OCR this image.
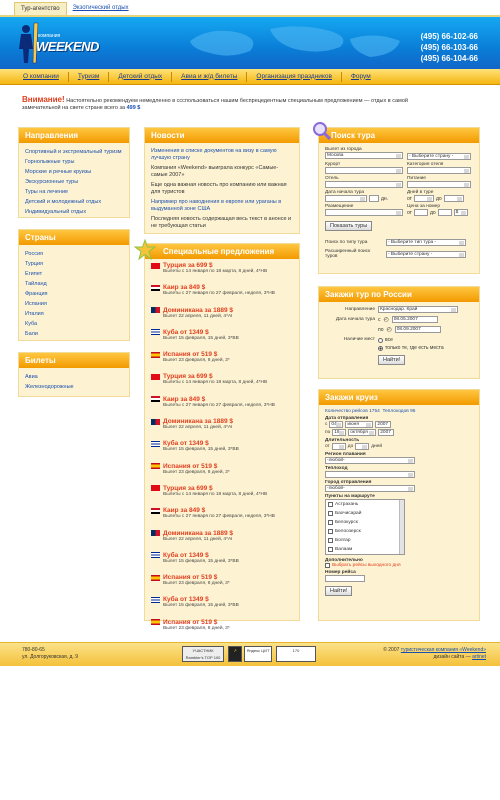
Тур-агентство	Экзотический отдых
компания
WEEKEND
(495) 66-102-66
(495) 66-103-66
(495) 66-104-66
О компании	Туризм	Детский отдых	Авиа и ж/д билеты	Организация праздников	Форум
Внимание! Настоятельно рекомендуем немедленно в ссспользоваться нашим беспрецедентным специальным предложением — отдых в самой замечательной на свете стране всего за 499 $
Направления
Спортивный и экстремальный туризм
Горнолыжные туры
Морские и речные круизы
Экскурсионные туры
Туры на лечение
Детский и молодежный отдых
Индивидуальный отдых
Страны
Россия
Турция
Египет
Тайланд
Франция
Испания
Италия
Куба
Бали
Билеты
Авиа
Железнодорожные
Новости
Изменения в списке документов на визу в самую лучшую страну
Компания «Weekend» выиграла конкурс «Самые-самые 2007»
Еще одна важная новость про компанию или важная для туристов
Например про наводнения в европе или ураганы в выдуманной зоне США
Последняя новость содержащая весь текст в анонсе и не требующая статьи
Специальные предложения
Турция за 699 $
Вылеты с 14 января по 18 марта, 8 дней, 4*HB
Каир за 849 $
Вылеты с 27 января по 27 февраля, неделя, 3*HB
Доминикана за 1889 $
Вылет 22 апреля, 11 дней, 4*AI
Куба от 1349 $
Вылет 15 февраля, 15 дней, 3*BB
Испания от 519 $
Вылет 23 февраля, 8 дней, 3*
Турция за 699 $
Вылеты с 14 января по 18 марта, 8 дней, 4*HB
Каир за 849 $
Вылеты с 27 января по 27 февраля, неделя, 3*HB
Доминикана за 1889 $
Вылет 22 апреля, 11 дней, 4*AI
Куба от 1349 $
Вылет 15 февраля, 15 дней, 3*BB
Испания от 519 $
Вылет 23 февраля, 8 дней, 3*
Турция за 699 $
Вылеты с 14 января по 18 марта, 8 дней, 4*HB
Каир за 849 $
Вылеты с 27 января по 27 февраля, неделя, 3*HB
Доминикана за 1889 $
Вылет 22 апреля, 11 дней, 4*AI
Куба от 1349 $
Вылет 15 февраля, 15 дней, 3*BB
Испания от 519 $
Вылет 23 февраля, 8 дней, 3*
Куба от 1349 $
Вылет 15 февраля, 15 дней, 3*BB
Испания от 519 $
Вылет 23 февраля, 8 дней, 3*
Поиск тура
Вылет из города
Москва	- Выберите страну -
Курорт	Категория отеля
Отель	Питание
Дата начала тура
дн.
Дней в туре
от	до
Размещение	Цена за номер
от	до	$
Показать туры
Поиск по типу тура	- Выберите тип тура -
Расширенный поиск туров	- Выберите страну -
Закажи тур по России
Направление	Краснодар. Край
Дата начала тура с ◴	08.05.2007
по ◴	08.09.2007
Наличие мест все
только те, где есть места
Найти!
Закажи круиз
Количество рейсов 1754 Теплоходов 95
Дата отправления
с 04	июня	2007
по 19	октября	2007
Длительность
от	до	дней
Регион плавания
-любой-
Теплоход
Город отправления
-любой-
Пункты на маршруте
Астрахань
Бахчисарай
Белокурск
Белоозерск
Болгар
Валаам
Дополнительно
Выбрать рейсы выходного дня
Номер рейса
Найти!
780-80-65
ул. Долгоруковская, д. 9
УЧАСТНИК Rambler's TOP 100
↗	Яндекс ЦИТ	170	© 2007 туристическая компания «Weekend»
дизайн сайта — artinet
